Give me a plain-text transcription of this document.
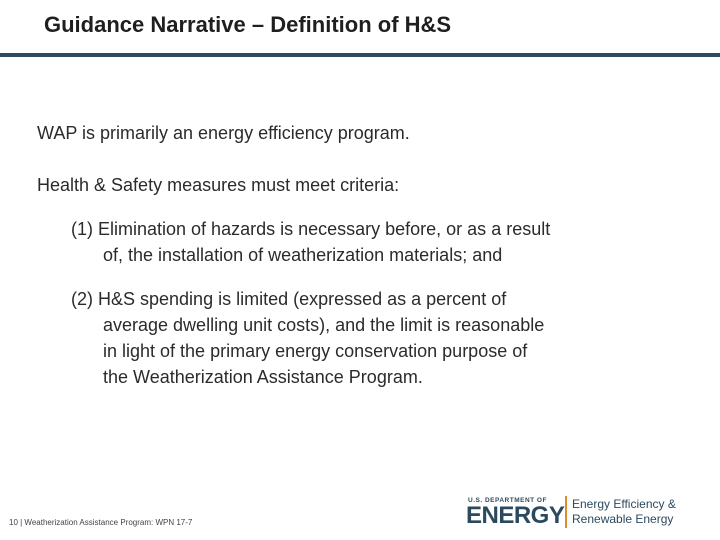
Guidance Narrative – Definition of H&S

WAP is primarily an energy efficiency program.

Health & Safety measures must meet criteria:

(1) Elimination of hazards is necessary before, or as a result
of, the installation of weatherization materials; and
(2) H&S spending is limited (expressed as a percent of
average dwelling unit costs), and the limit is reasonable
in light of the primary energy conservation purpose of
the Weatherization Assistance Program.
10 | Weatherization Assistance Program: WPN 17-7
U.S. DEPARTMENT OF
ENERGY Energy Efficiency &
Renewable Energy
